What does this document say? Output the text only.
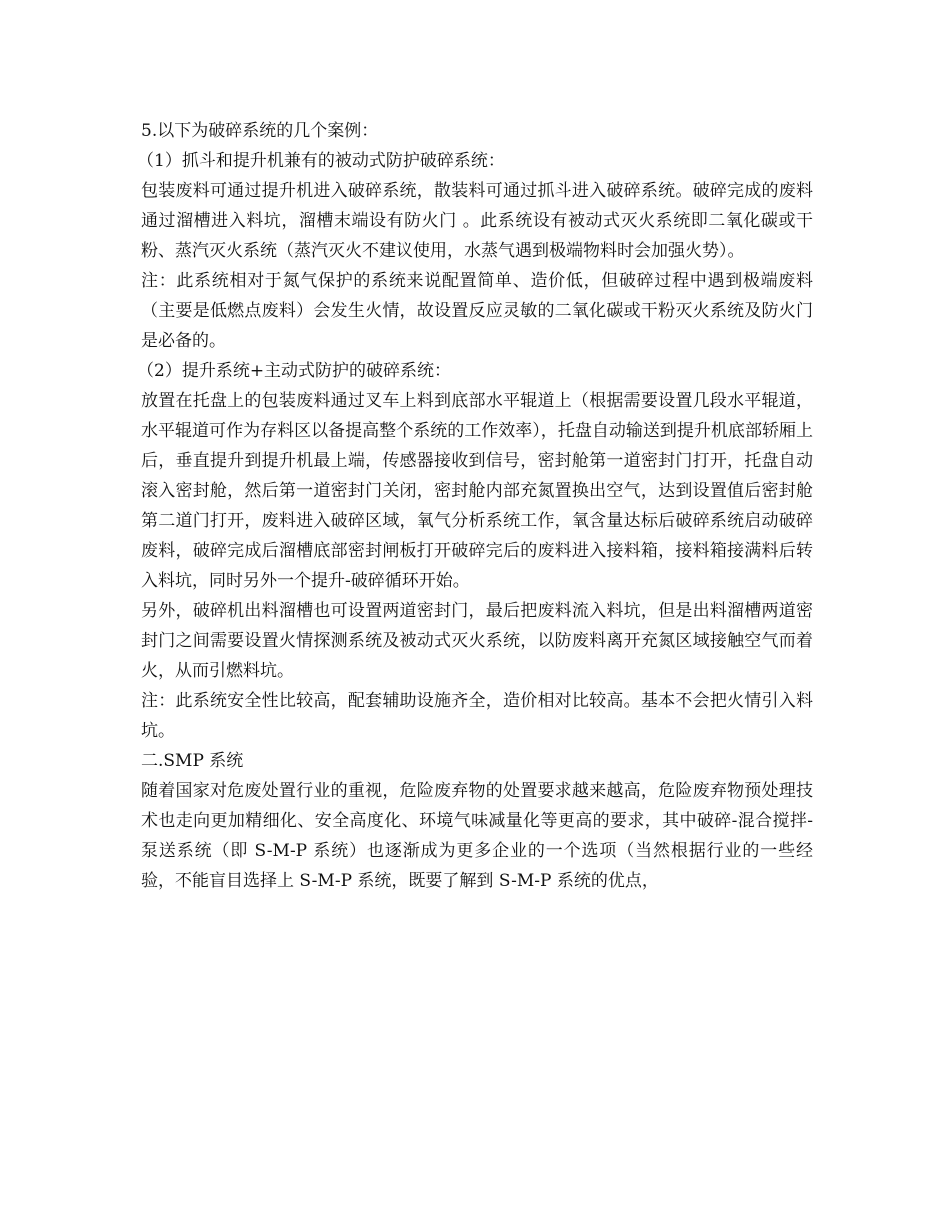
5.以下为破碎系统的几个案例：

（1）抓斗和提升机兼有的被动式防护破碎系统：

包装废料可通过提升机进入破碎系统，散装料可通过抓斗进入破碎系统。破碎完成的废料通过溜槽进入料坑，溜槽末端设有防火门 。此系统设有被动式灭火系统即二氧化碳或干粉、蒸汽灭火系统（蒸汽灭火不建议使用，水蒸气遇到极端物料时会加强火势）。

注：此系统相对于氮气保护的系统来说配置简单、造价低，但破碎过程中遇到极端废料（主要是低燃点废料）会发生火情，故设置反应灵敏的二氧化碳或干粉灭火系统及防火门是必备的。

（2）提升系统+主动式防护的破碎系统：

放置在托盘上的包装废料通过叉车上料到底部水平辊道上（根据需要设置几段水平辊道，水平辊道可作为存料区以备提高整个系统的工作效率），托盘自动输送到提升机底部轿厢上后，垂直提升到提升机最上端，传感器接收到信号，密封舱第一道密封门打开，托盘自动滚入密封舱，然后第一道密封门关闭，密封舱内部充氮置换出空气，达到设置值后密封舱第二道门打开，废料进入破碎区域，氧气分析系统工作，氧含量达标后破碎系统启动破碎废料，破碎完成后溜槽底部密封闸板打开破碎完后的废料进入接料箱，接料箱接满料后转入料坑，同时另外一个提升-破碎循环开始。

另外，破碎机出料溜槽也可设置两道密封门，最后把废料流入料坑，但是出料溜槽两道密封门之间需要设置火情探测系统及被动式灭火系统，以防废料离开充氮区域接触空气而着火，从而引燃料坑。

注：此系统安全性比较高，配套辅助设施齐全，造价相对比较高。基本不会把火情引入料坑。

二.SMP 系统

随着国家对危废处置行业的重视，危险废弃物的处置要求越来越高，危险废弃物预处理技术也走向更加精细化、安全高度化、环境气味减量化等更高的要求，其中破碎-混合搅拌-泵送系统（即 S-M-P 系统）也逐渐成为更多企业的一个选项（当然根据行业的一些经验，不能盲目选择上 S-M-P 系统，既要了解到 S-M-P 系统的优点，
